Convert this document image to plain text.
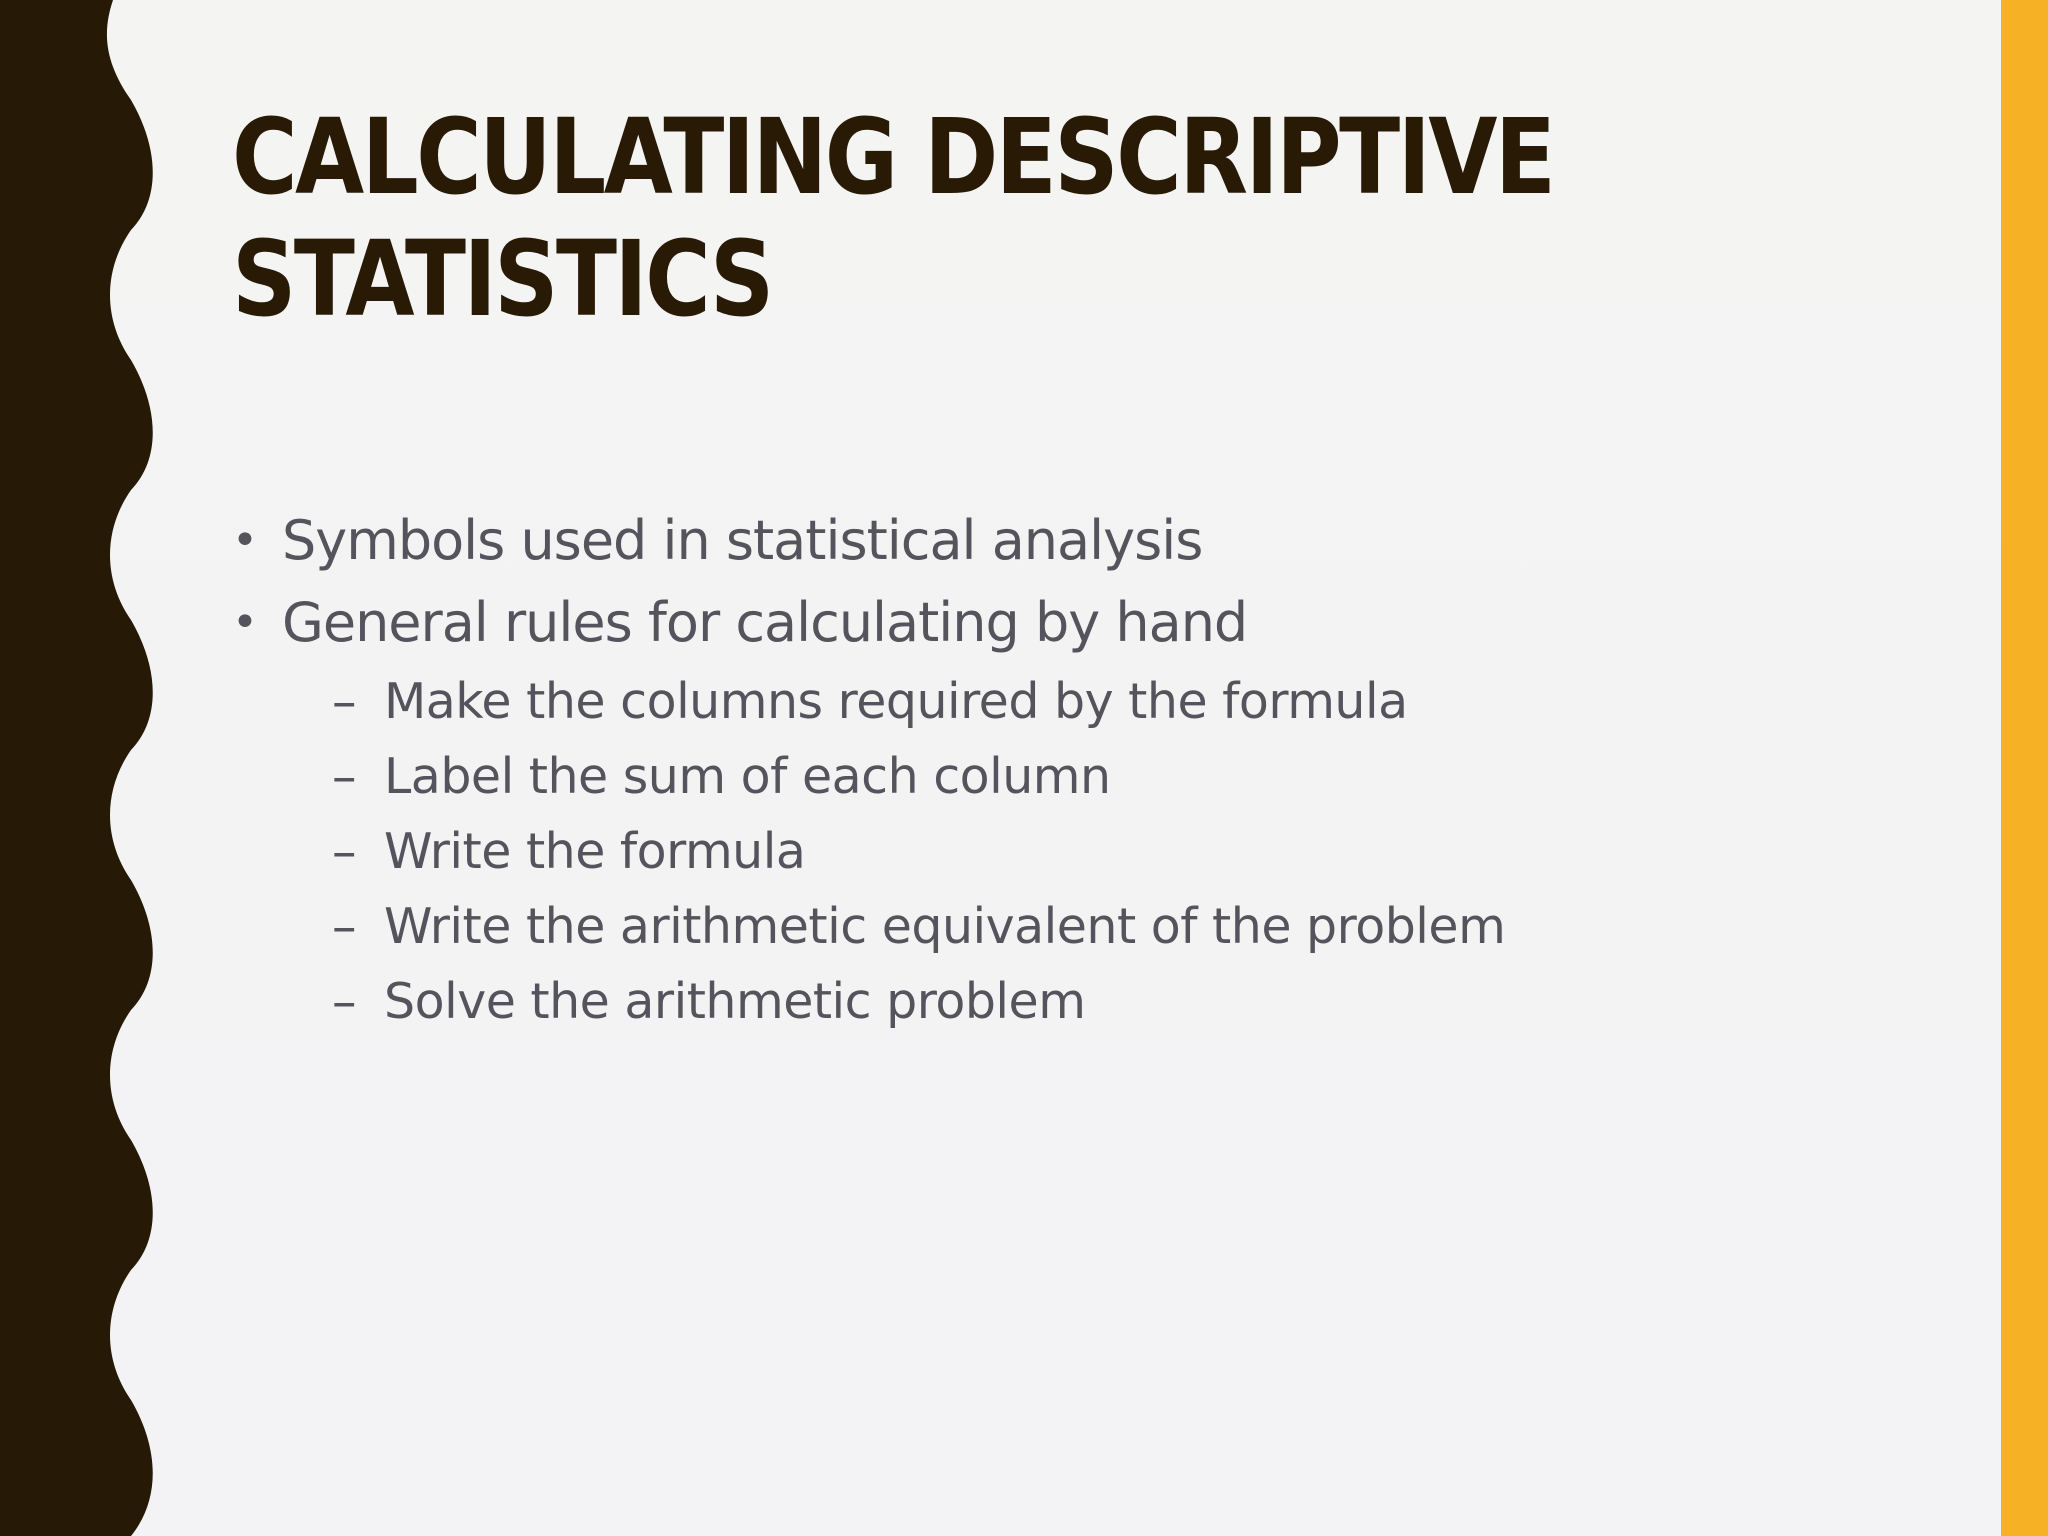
CALCULATING DESCRIPTIVE
STATISTICS
• Symbols used in statistical analysis
• General rules for calculating by hand
– Make the columns required by the formula
– Label the sum of each column
– Write the formula
– Write the arithmetic equivalent of the problem
– Solve the arithmetic problem
